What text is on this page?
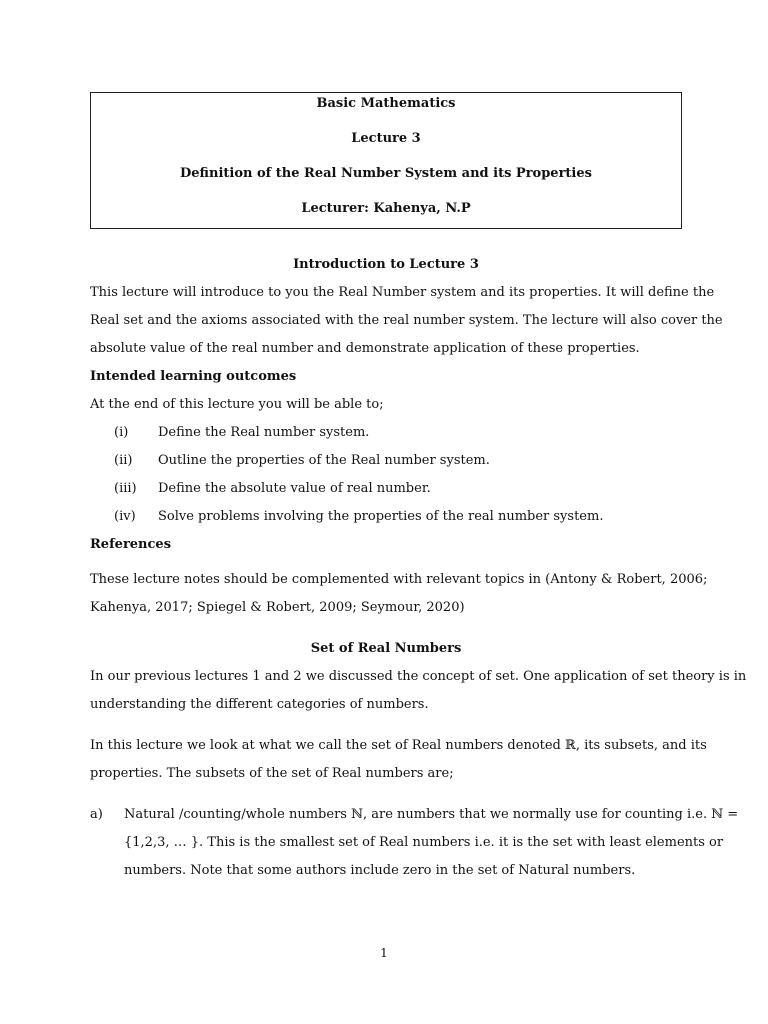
Basic Mathematics
Lecture 3
Definition of the Real Number System and its Properties
Lecturer: Kahenya, N.P
Introduction to Lecture 3
This lecture will introduce to you the Real Number system and its properties. It will define the
Real set and the axioms associated with the real number system. The lecture will also cover the
absolute value of the real number and demonstrate application of these properties.
Intended learning outcomes
At the end of this lecture you will be able to;
(i) Define the Real number system.
(ii) Outline the properties of the Real number system.
(iii) Define the absolute value of real number.
(iv) Solve problems involving the properties of the real number system.
References
These lecture notes should be complemented with relevant topics in (Antony & Robert, 2006;
Kahenya, 2017; Spiegel & Robert, 2009; Seymour, 2020)
Set of Real Numbers
In our previous lectures 1 and 2 we discussed the concept of set. One application of set theory is in
understanding the different categories of numbers.
In this lecture we look at what we call the set of Real numbers denoted ℝ, its subsets, and its
properties. The subsets of the set of Real numbers are;
a) Natural /counting/whole numbers ℕ, are numbers that we normally use for counting i.e. ℕ =
{1,2,3, … }. This is the smallest set of Real numbers i.e. it is the set with least elements or
numbers. Note that some authors include zero in the set of Natural numbers.
1
